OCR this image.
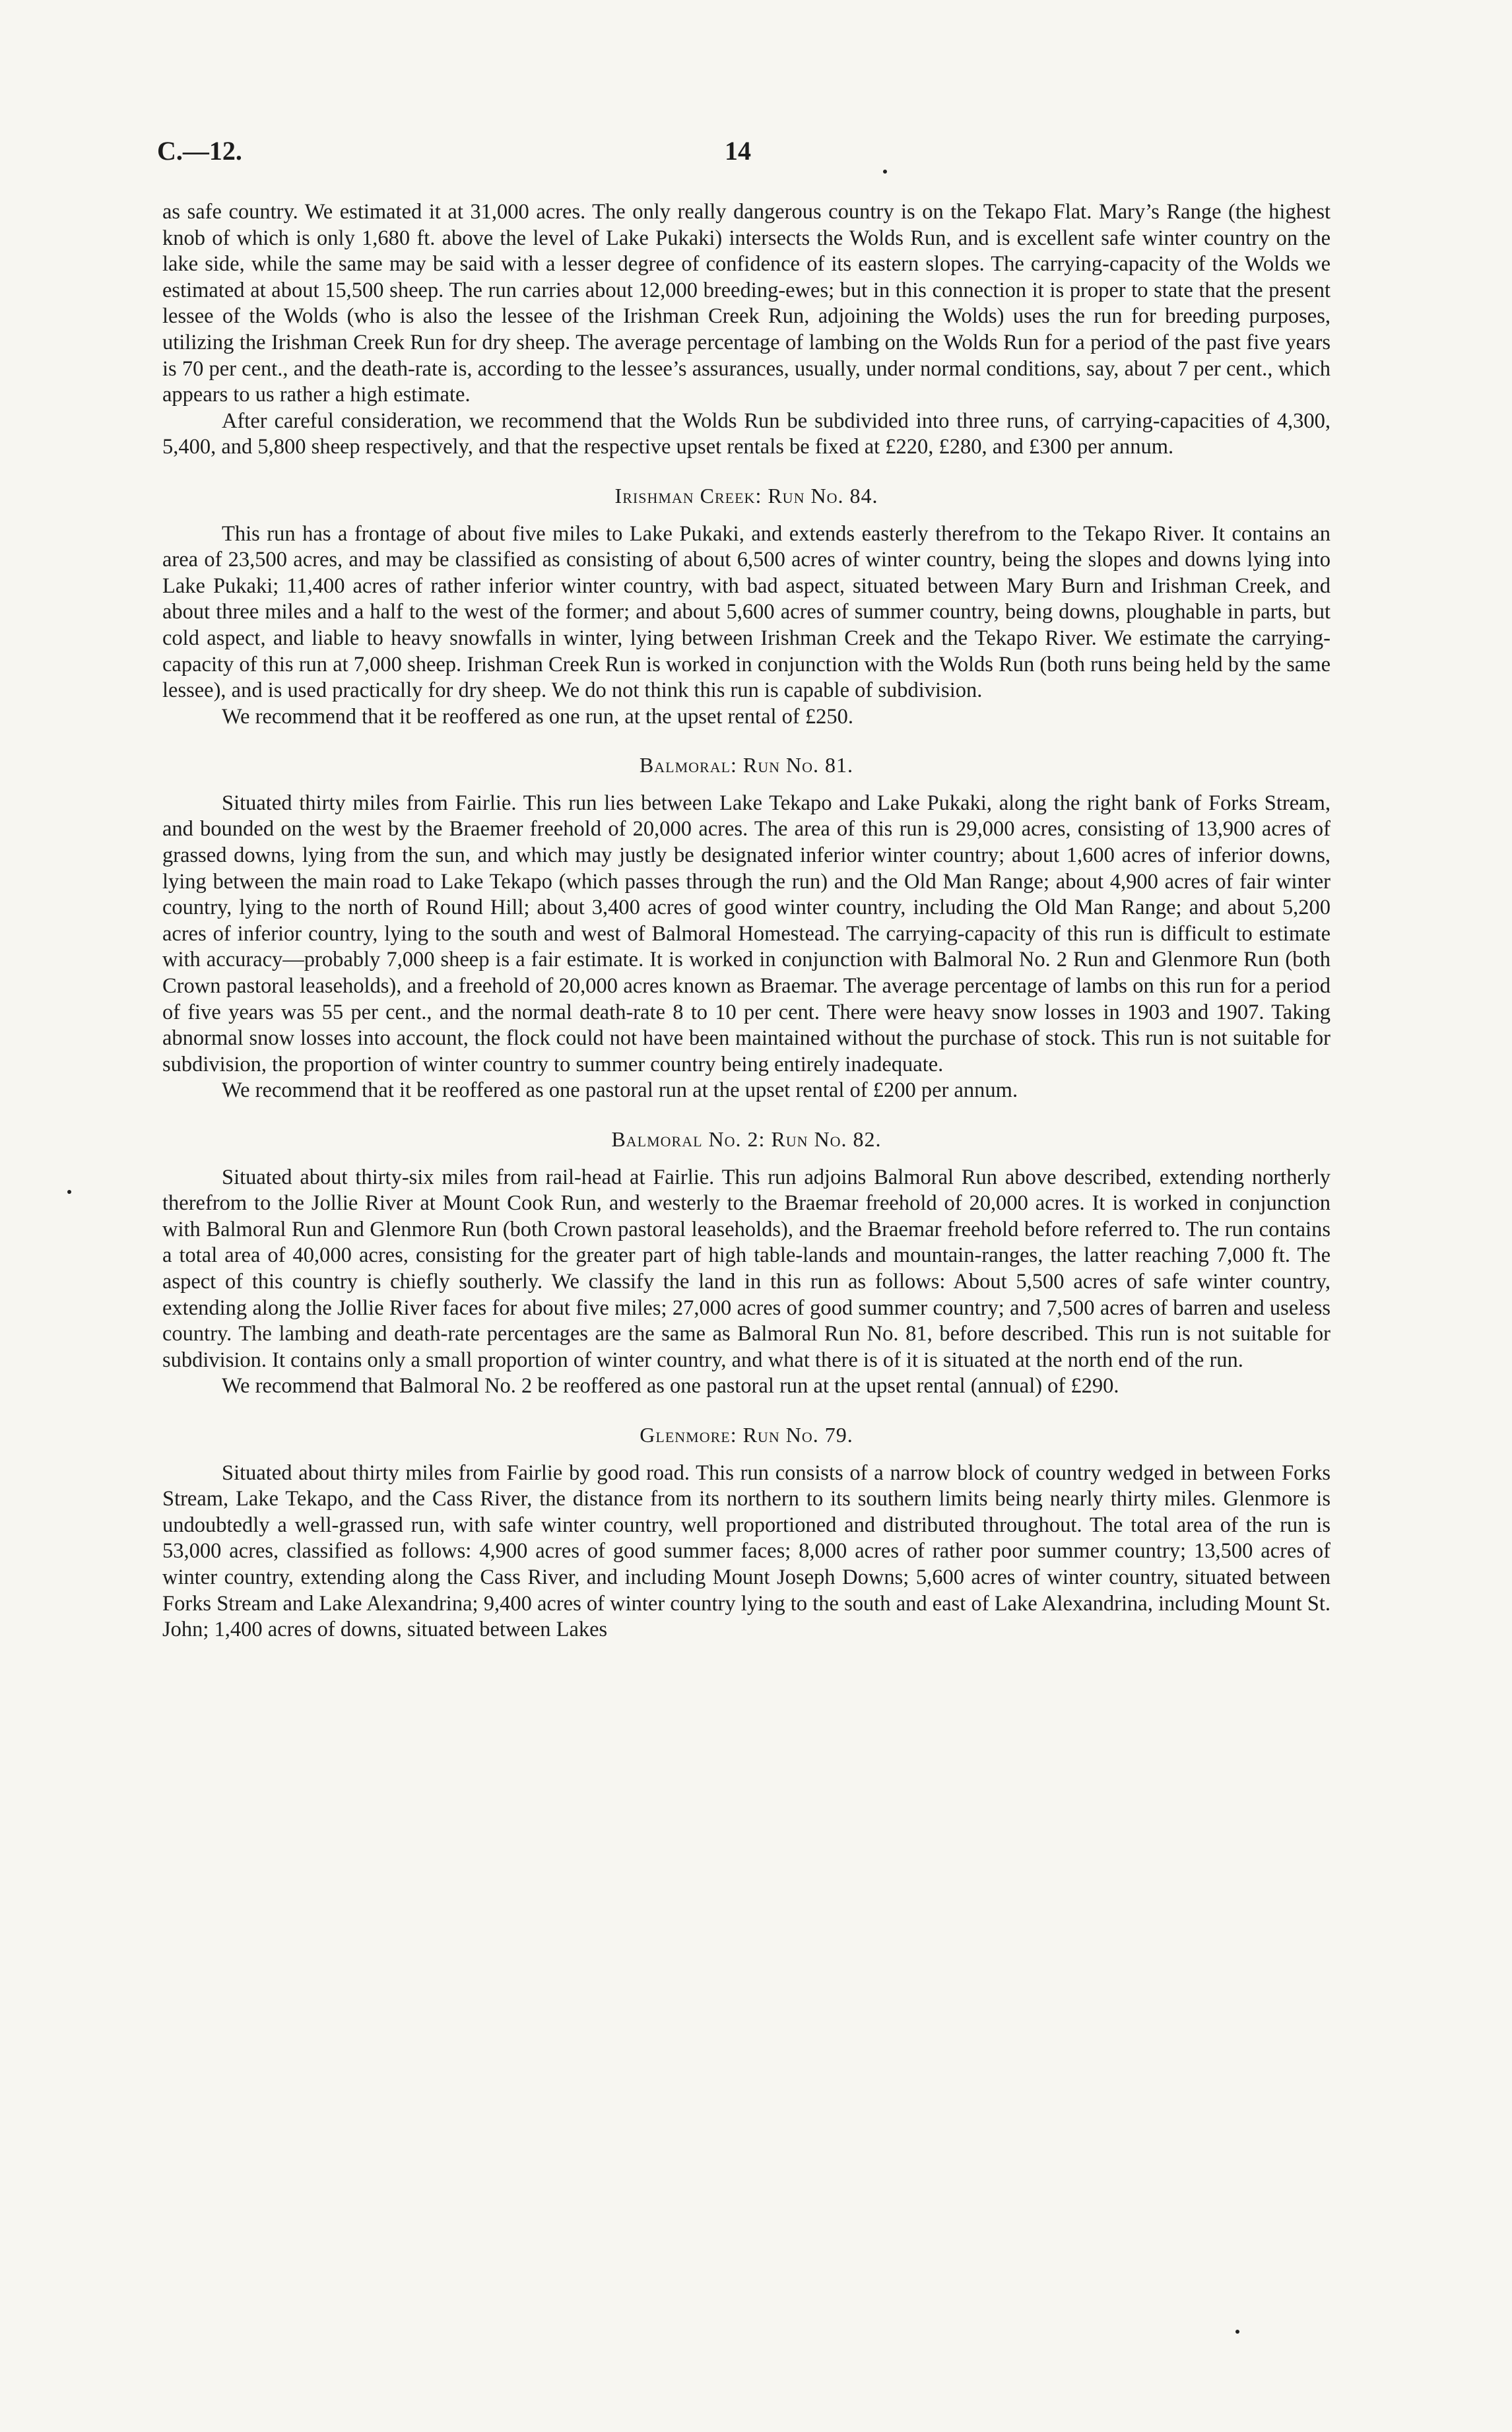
C.—12.	14

as safe country. We estimated it at 31,000 acres. The only really dangerous country is on the Tekapo Flat. Mary’s Range (the highest knob of which is only 1,680 ft. above the level of Lake Pukaki) intersects the Wolds Run, and is excellent safe winter country on the lake side, while the same may be said with a lesser degree of confidence of its eastern slopes. The carrying-capacity of the Wolds we estimated at about 15,500 sheep. The run carries about 12,000 breeding-ewes; but in this connection it is proper to state that the present lessee of the Wolds (who is also the lessee of the Irishman Creek Run, adjoining the Wolds) uses the run for breeding purposes, utilizing the Irishman Creek Run for dry sheep. The average percentage of lambing on the Wolds Run for a period of the past five years is 70 per cent., and the death-rate is, according to the lessee’s assurances, usually, under normal conditions, say, about 7 per cent., which appears to us rather a high estimate.

After careful consideration, we recommend that the Wolds Run be subdivided into three runs, of carrying-capacities of 4,300, 5,400, and 5,800 sheep respectively, and that the respective upset rentals be fixed at £220, £280, and £300 per annum.

Irishman Creek: Run No. 84.

This run has a frontage of about five miles to Lake Pukaki, and extends easterly therefrom to the Tekapo River. It contains an area of 23,500 acres, and may be classified as consisting of about 6,500 acres of winter country, being the slopes and downs lying into Lake Pukaki; 11,400 acres of rather inferior winter country, with bad aspect, situated between Mary Burn and Irishman Creek, and about three miles and a half to the west of the former; and about 5,600 acres of summer country, being downs, ploughable in parts, but cold aspect, and liable to heavy snowfalls in winter, lying between Irishman Creek and the Tekapo River. We estimate the carrying-capacity of this run at 7,000 sheep. Irishman Creek Run is worked in conjunction with the Wolds Run (both runs being held by the same lessee), and is used practically for dry sheep. We do not think this run is capable of subdivision.

We recommend that it be reoffered as one run, at the upset rental of £250.

Balmoral: Run No. 81.

Situated thirty miles from Fairlie. This run lies between Lake Tekapo and Lake Pukaki, along the right bank of Forks Stream, and bounded on the west by the Braemer freehold of 20,000 acres. The area of this run is 29,000 acres, consisting of 13,900 acres of grassed downs, lying from the sun, and which may justly be designated inferior winter country; about 1,600 acres of inferior downs, lying between the main road to Lake Tekapo (which passes through the run) and the Old Man Range; about 4,900 acres of fair winter country, lying to the north of Round Hill; about 3,400 acres of good winter country, including the Old Man Range; and about 5,200 acres of inferior country, lying to the south and west of Balmoral Homestead. The carrying-capacity of this run is difficult to estimate with accuracy—probably 7,000 sheep is a fair estimate. It is worked in conjunction with Balmoral No. 2 Run and Glenmore Run (both Crown pastoral leaseholds), and a freehold of 20,000 acres known as Braemar. The average percentage of lambs on this run for a period of five years was 55 per cent., and the normal death-rate 8 to 10 per cent. There were heavy snow losses in 1903 and 1907. Taking abnormal snow losses into account, the flock could not have been maintained without the purchase of stock. This run is not suitable for subdivision, the proportion of winter country to summer country being entirely inadequate.

We recommend that it be reoffered as one pastoral run at the upset rental of £200 per annum.

Balmoral No. 2: Run No. 82.

Situated about thirty-six miles from rail-head at Fairlie. This run adjoins Balmoral Run above described, extending northerly therefrom to the Jollie River at Mount Cook Run, and westerly to the Braemar freehold of 20,000 acres. It is worked in conjunction with Balmoral Run and Glenmore Run (both Crown pastoral leaseholds), and the Braemar freehold before referred to. The run contains a total area of 40,000 acres, consisting for the greater part of high table-lands and mountain-ranges, the latter reaching 7,000 ft. The aspect of this country is chiefly southerly. We classify the land in this run as follows: About 5,500 acres of safe winter country, extending along the Jollie River faces for about five miles; 27,000 acres of good summer country; and 7,500 acres of barren and useless country. The lambing and death-rate percentages are the same as Balmoral Run No. 81, before described. This run is not suitable for subdivision. It contains only a small proportion of winter country, and what there is of it is situated at the north end of the run.

We recommend that Balmoral No. 2 be reoffered as one pastoral run at the upset rental (annual) of £290.

Glenmore: Run No. 79.

Situated about thirty miles from Fairlie by good road. This run consists of a narrow block of country wedged in between Forks Stream, Lake Tekapo, and the Cass River, the distance from its northern to its southern limits being nearly thirty miles. Glenmore is undoubtedly a well-grassed run, with safe winter country, well proportioned and distributed throughout. The total area of the run is 53,000 acres, classified as follows: 4,900 acres of good summer faces; 8,000 acres of rather poor summer country; 13,500 acres of winter country, extending along the Cass River, and including Mount Joseph Downs; 5,600 acres of winter country, situated between Forks Stream and Lake Alexandrina; 9,400 acres of winter country lying to the south and east of Lake Alexandrina, including Mount St. John; 1,400 acres of downs, situated between Lakes
